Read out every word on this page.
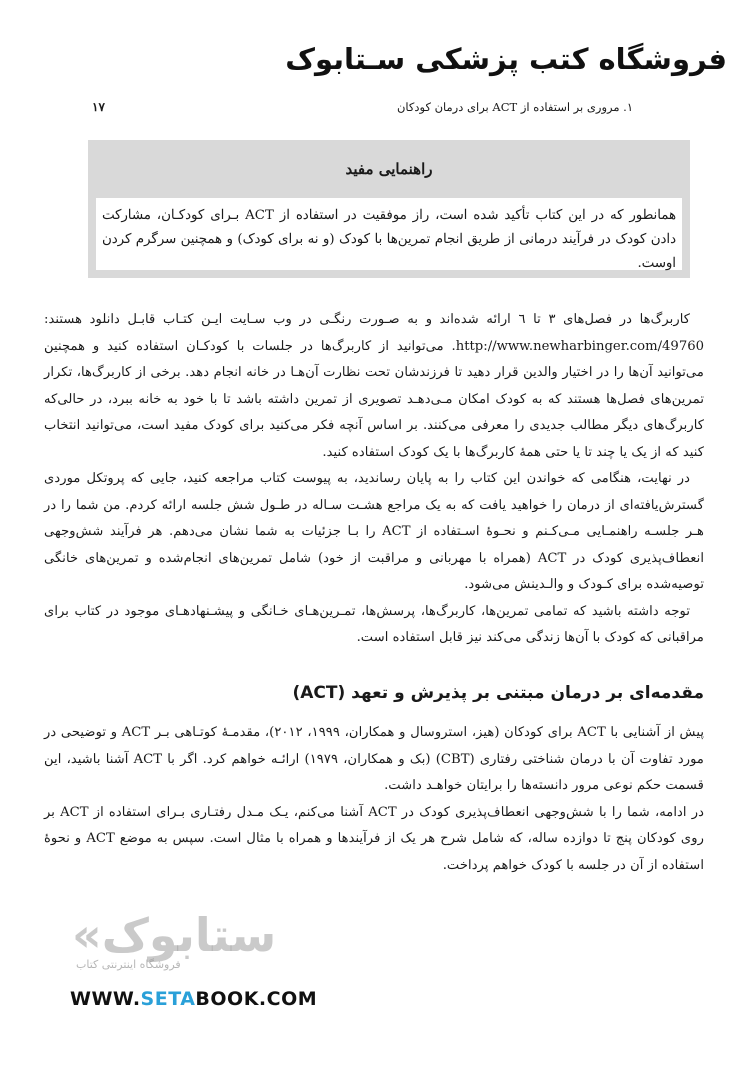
فروشگاه کتب پزشکی سـتابوک
۱. مروری بر استفاده از ACT برای درمان کودکان
۱۷
راهنمایی مفید
همانطور که در این کتاب تأکید شده است، راز موفقیت در استفاده از ACT بـرای کودکـان، مشارکت دادن کودک در فرآیند درمانی از طریق انجام تمرین‌ها با کودک (و نه برای کودک) و همچنین سرگرم کردن اوست.

کاربرگ‌ها در فصل‌های ۳ تا ٦ ارائه شده‌اند و به صـورت رنگـی در وب سـایت ایـن کتـاب قابـل دانلود هستند: http://www.newharbinger.com/49760. می‌توانید از کاربرگ‌ها در جلسات با کودکـان استفاده کنید و همچنین می‌توانید آن‌ها را در اختیار والدین قرار دهید تا فرزندشان تحت نظارت آن‌هـا در خانه انجام دهد. برخی از کاربرگ‌ها، تکرار تمرین‌های فصل‌ها هستند که به کودک امکان مـی‌دهـد تصویری از تمرین داشته باشد تا با خود به خانه ببرد، در حالی‌که کاربرگ‌های دیگر مطالب جدیدی را معرفی می‌کنند. بر اساس آنچه فکر می‌کنید برای کودک مفید است، می‌توانید انتخاب کنید که از یک یا چند تا یا حتی همهٔ کاربرگ‌ها با یک کودک استفاده کنید.

در نهایت، هنگامی که خواندن این کتاب را به پایان رساندید، به پیوست کتاب مراجعه کنید، جایی که پروتکل موردی گسترش‌یافته‌ای از درمان را خواهید یافت که به یک مراجع هشـت سـاله در طـول شش جلسه ارائه کردم. من شما را در هـر جلسـه راهنمـایی مـی‌کـنم و نحـوهٔ اسـتفاده از ACT را بـا جزئیات به شما نشان می‌دهم. هر فرآیند شش‌وجهی انعطاف‌پذیری کودک در ACT (همراه با مهربانی و مراقبت از خود) شامل تمرین‌های انجام‌شده و تمرین‌های خانگی توصیه‌شده برای کـودک و والـدینش می‌شود.

توجه داشته باشید که تمامی تمرین‌ها، کاربرگ‌ها، پرسش‌ها، تمـرین‌هـای خـانگی و پیشـنهادهـای موجود در کتاب برای مراقبانی که کودک با آن‌ها زندگی می‌کند نیز قابل استفاده است.

مقدمه‌ای بر درمان مبتنی بر پذیرش و تعهد (ACT)

پیش از آشنایی با ACT برای کودکان (هیز، استروسال و همکاران، ۱۹۹۹، ۲۰۱۲)، مقدمـهٔ کوتـاهی بـر ACT و توضیحی در مورد تفاوت آن با درمان شناختی رفتاری (CBT) (بک و همکاران، ۱۹۷۹) ارائـه خواهم کرد. اگر با ACT آشنا باشید، این قسمت حکم نوعی مرور دانسته‌ها را برایتان خواهـد داشت.

در ادامه، شما را با شش‌وجهی انعطاف‌پذیری کودک در ACT آشنا می‌کنم، یـک مـدل رفتـاری بـرای استفاده از ACT بر روی کودکان پنج تا دوازده ساله، که شامل شرح هر یک از فرآیندها و همراه با مثال است. سپس به موضع ACT و نحوهٔ استفاده از آن در جلسه با کودک خواهم پرداخت.

«ستابوک
فروشگاه اینترنتی کتاب
WWW.SETABOOK.COM
